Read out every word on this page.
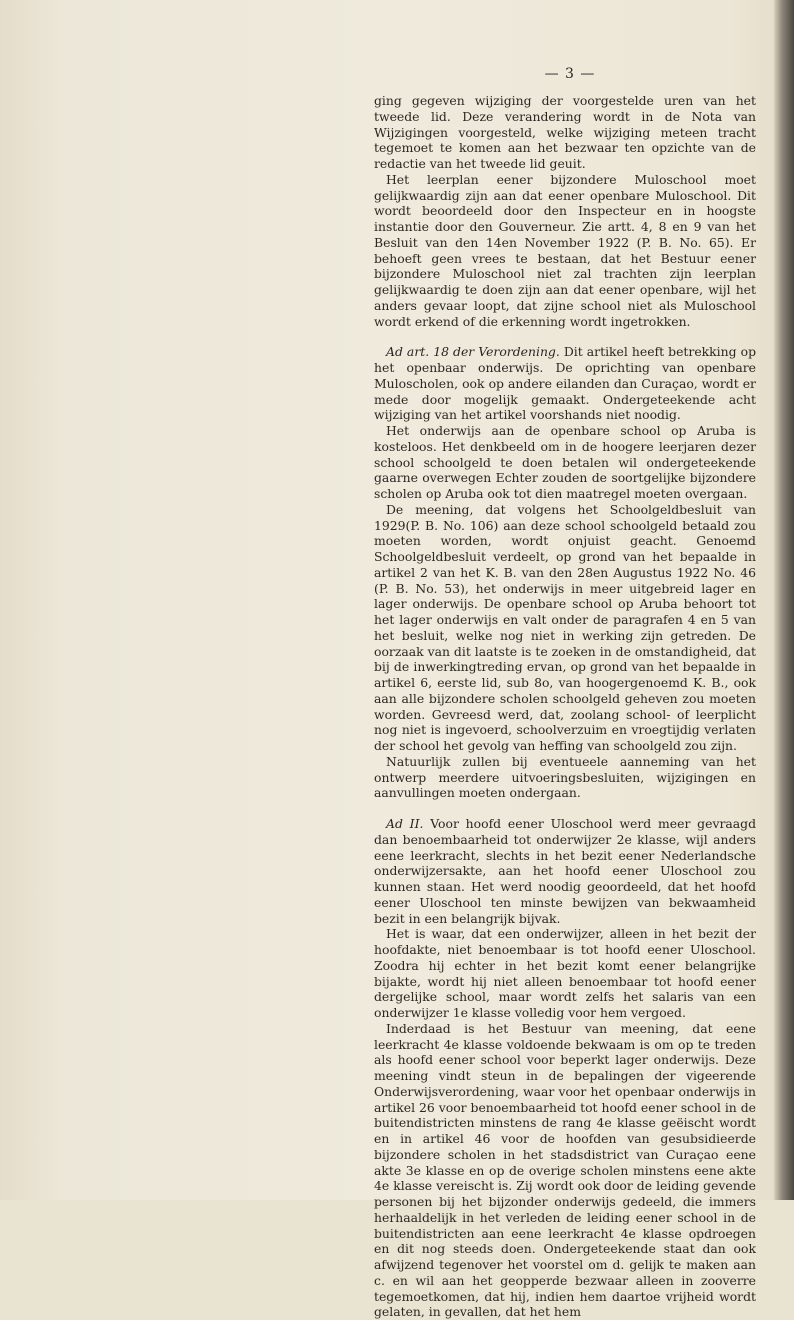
— 3 —

ging gegeven wijziging der voorgestelde uren van het tweede lid. Deze verandering wordt in de Nota van Wijzigingen voorgesteld, welke wijziging meteen tracht tegemoet te komen aan het bezwaar ten opzichte van de redactie van het tweede lid geuit.

Het leerplan eener bijzondere Muloschool moet gelijkwaardig zijn aan dat eener openbare Muloschool. Dit wordt beoordeeld door den Inspecteur en in hoogste instantie door den Gouverneur. Zie artt. 4, 8 en 9 van het Besluit van den 14en November 1922 (P. B. No. 65). Er behoeft geen vrees te bestaan, dat het Bestuur eener bijzondere Muloschool niet zal trachten zijn leerplan gelijkwaardig te doen zijn aan dat eener openbare, wijl het anders gevaar loopt, dat zijne school niet als Muloschool wordt erkend of die erkenning wordt ingetrokken.

Ad art. 18 der Verordening. Dit artikel heeft betrekking op het openbaar onderwijs. De oprichting van openbare Muloscholen, ook op andere eilanden dan Curaçao, wordt er mede door mogelijk gemaakt. Ondergeteekende acht wijziging van het artikel voorshands niet noodig.

Het onderwijs aan de openbare school op Aruba is kosteloos. Het denkbeeld om in de hoogere leerjaren dezer school schoolgeld te doen betalen wil ondergeteekende gaarne overwegen Echter zouden de soortgelijke bijzondere scholen op Aruba ook tot dien maatregel moeten overgaan.

De meening, dat volgens het Schoolgeldbesluit van 1929(P. B. No. 106) aan deze school schoolgeld betaald zou moeten worden, wordt onjuist geacht. Genoemd Schoolgeldbesluit verdeelt, op grond van het bepaalde in artikel 2 van het K. B. van den 28en Augustus 1922 No. 46 (P. B. No. 53), het onderwijs in meer uitgebreid lager en lager onderwijs. De openbare school op Aruba behoort tot het lager onderwijs en valt onder de paragrafen 4 en 5 van het besluit, welke nog niet in werking zijn getreden. De oorzaak van dit laatste is te zoeken in de omstandigheid, dat bij de inwerkingtreding ervan, op grond van het bepaalde in artikel 6, eerste lid, sub 8o, van hoogergenoemd K. B., ook aan alle bijzondere scholen schoolgeld geheven zou moeten worden. Gevreesd werd, dat, zoolang school- of leerplicht nog niet is ingevoerd, schoolverzuim en vroegtijdig verlaten der school het gevolg van heffing van schoolgeld zou zijn.

Natuurlijk zullen bij eventueele aanneming van het ontwerp meerdere uitvoeringsbesluiten, wijzigingen en aanvullingen moeten ondergaan.

Ad II. Voor hoofd eener Uloschool werd meer gevraagd dan benoembaarheid tot onderwijzer 2e klasse, wijl anders eene leerkracht, slechts in het bezit eener Nederlandsche onderwijzersakte, aan het hoofd eener Uloschool zou kunnen staan. Het werd noodig geoordeeld, dat het hoofd eener Uloschool ten minste bewijzen van bekwaamheid bezit in een belangrijk bijvak.

Het is waar, dat een onderwijzer, alleen in het bezit der hoofdakte, niet benoembaar is tot hoofd eener Uloschool. Zoodra hij echter in het bezit komt eener belangrijke bijakte, wordt hij niet alleen benoembaar tot hoofd eener dergelijke school, maar wordt zelfs het salaris van een onderwijzer 1e klasse volledig voor hem vergoed.

Inderdaad is het Bestuur van meening, dat eene leerkracht 4e klasse voldoende bekwaam is om op te treden als hoofd eener school voor beperkt lager onderwijs. Deze meening vindt steun in de bepalingen der vigeerende Onderwijsverordening, waar voor het openbaar onderwijs in artikel 26 voor benoembaarheid tot hoofd eener school in de buitendistricten minstens de rang 4e klasse geëischt wordt en in artikel 46 voor de hoofden van gesubsidieerde bijzondere scholen in het stadsdistrict van Curaçao eene akte 3e klasse en op de overige scholen minstens eene akte 4e klasse vereischt is. Zij wordt ook door de leiding gevende personen bij het bijzonder onderwijs gedeeld, die immers herhaaldelijk in het verleden de leiding eener school in de buitendistricten aan eene leerkracht 4e klasse opdroegen en dit nog steeds doen. Ondergeteekende staat dan ook afwijzend tegenover het voorstel om d. gelijk te maken aan c. en wil aan het geopperde bezwaar alleen in zooverre tegemoetkomen, dat hij, indien hem daartoe vrijheid wordt gelaten, in gevallen, dat het hem
